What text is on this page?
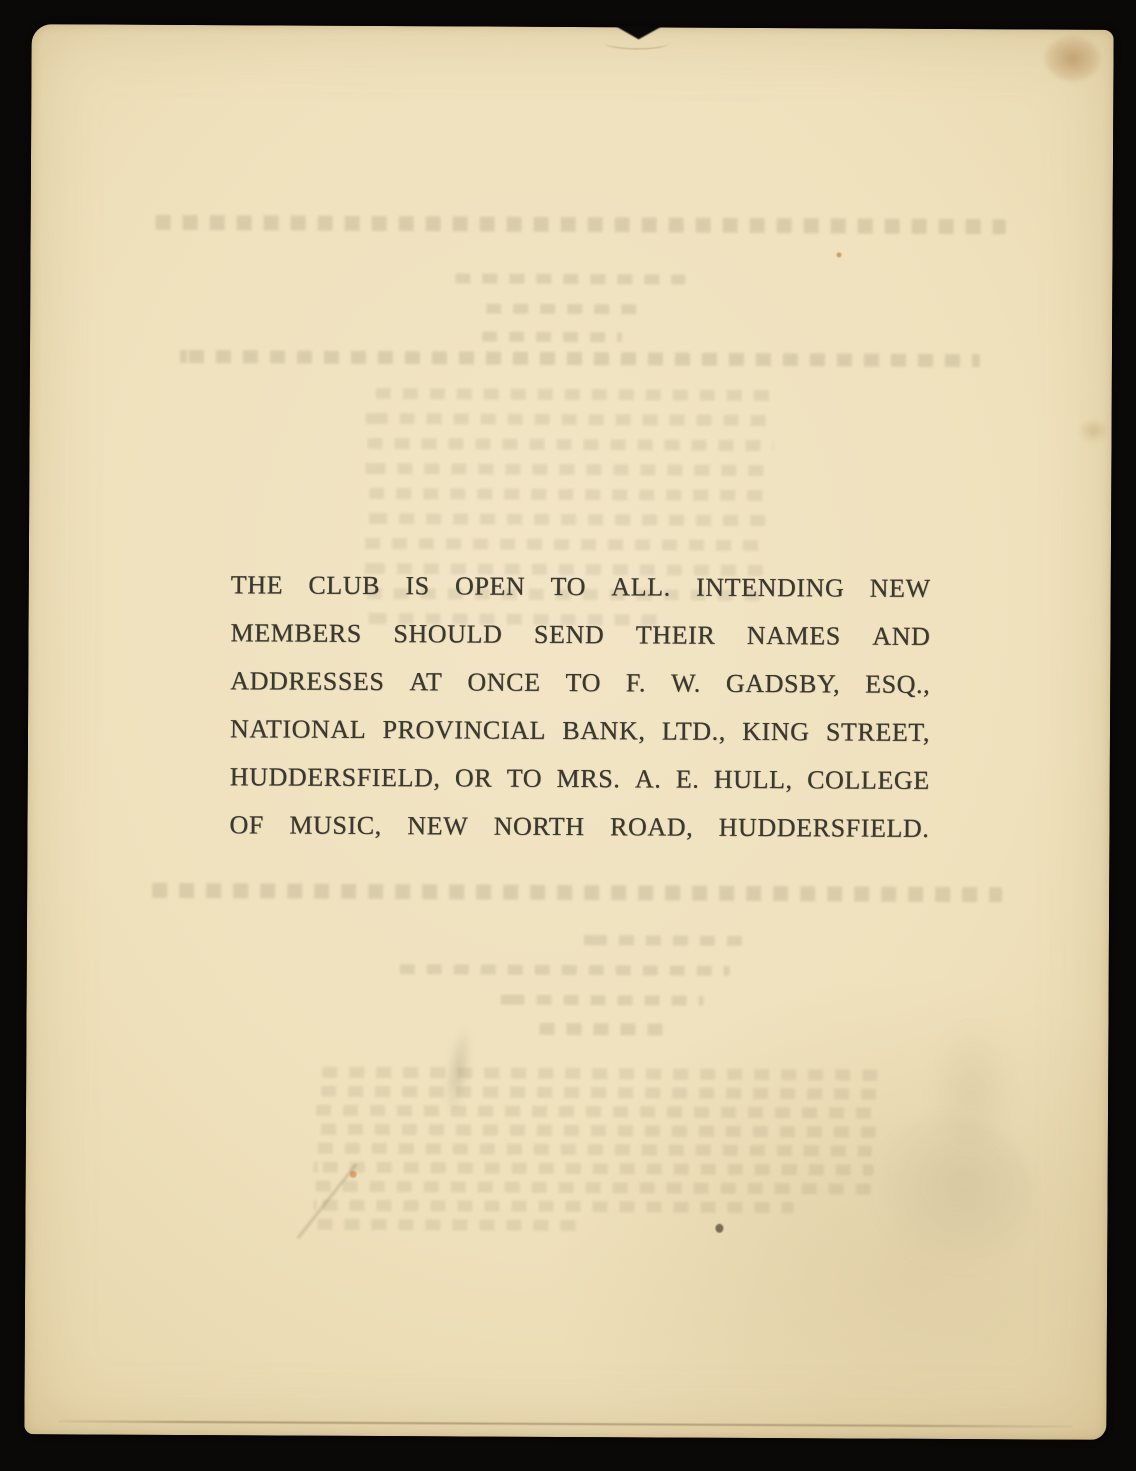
THE CLUB IS OPEN TO ALL. INTENDING NEW
MEMBERS SHOULD SEND THEIR NAMES AND
ADDRESSES AT ONCE TO F. W. GADSBY, ESQ.,
NATIONAL PROVINCIAL BANK, LTD., KING STREET,
HUDDERSFIELD, OR TO MRS. A. E. HULL, COLLEGE
OF MUSIC, NEW NORTH ROAD, HUDDERSFIELD.
